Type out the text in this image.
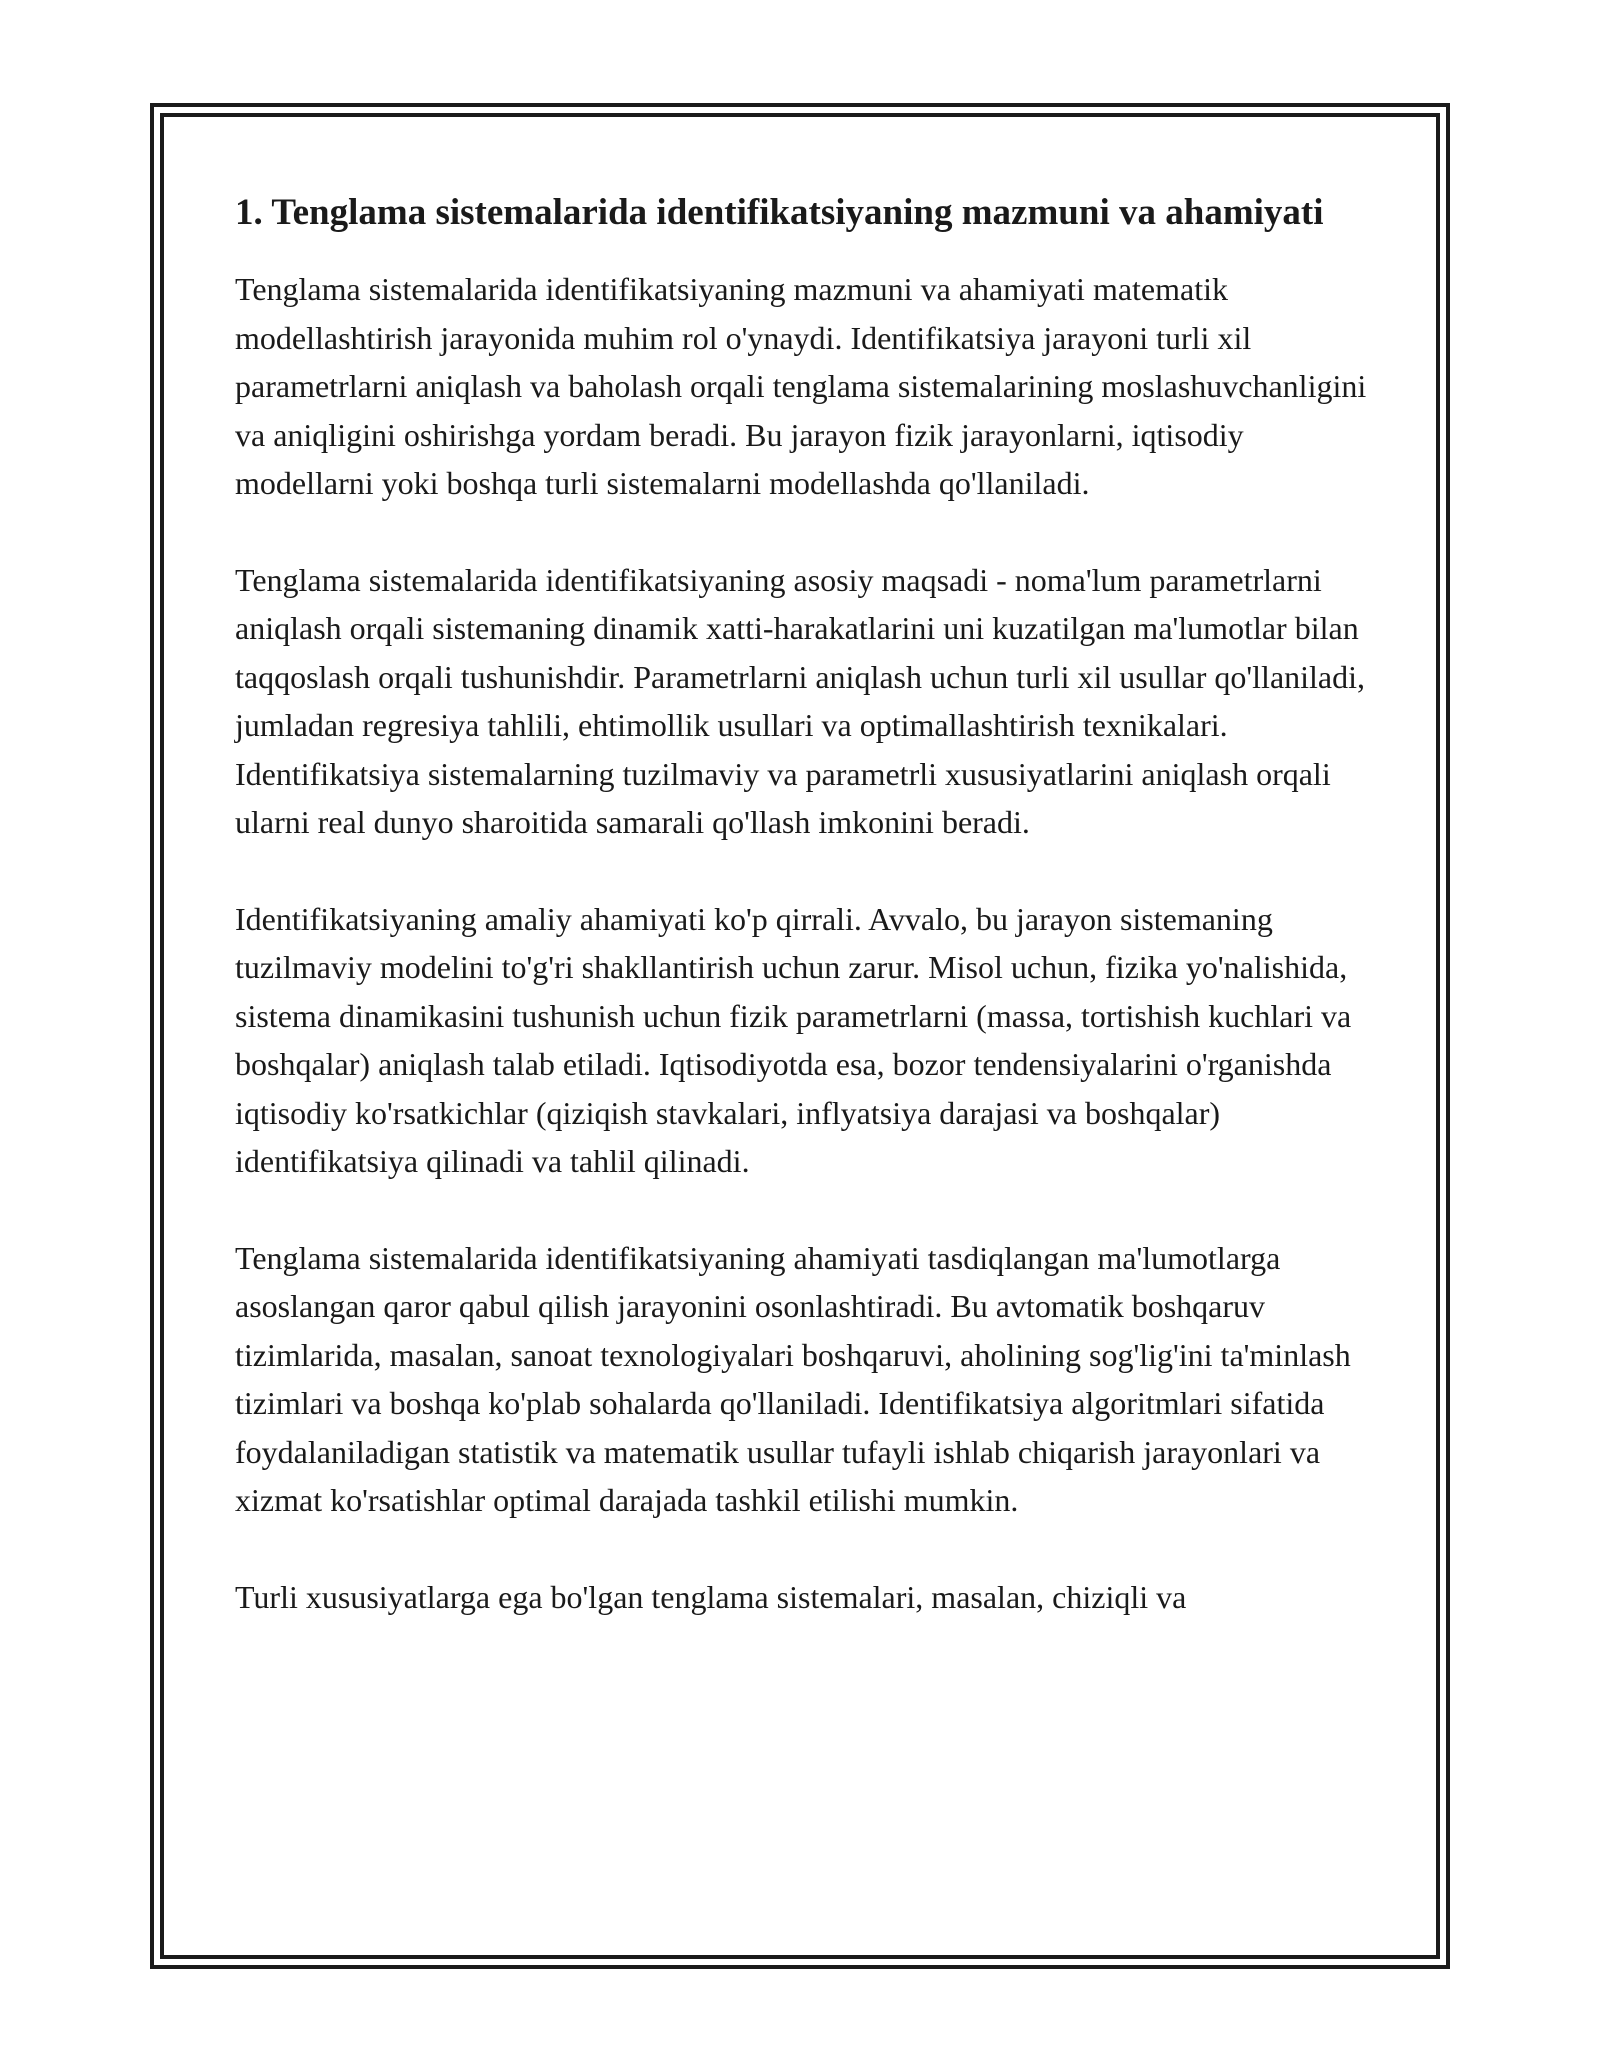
1. Tenglama sistemalarida identifikatsiyaning mazmuni va ahamiyati

Tenglama sistemalarida identifikatsiyaning mazmuni va ahamiyati matematik modellashtirish jarayonida muhim rol o'ynaydi. Identifikatsiya jarayoni turli xil parametrlarni aniqlash va baholash orqali tenglama sistemalarining moslashuvchanligini va aniqligini oshirishga yordam beradi. Bu jarayon fizik jarayonlarni, iqtisodiy modellarni yoki boshqa turli sistemalarni modellashda qo'llaniladi.

Tenglama sistemalarida identifikatsiyaning asosiy maqsadi - noma'lum parametrlarni aniqlash orqali sistemaning dinamik xatti-harakatlarini uni kuzatilgan ma'lumotlar bilan taqqoslash orqali tushunishdir. Parametrlarni aniqlash uchun turli xil usullar qo'llaniladi, jumladan regresiya tahlili, ehtimollik usullari va optimallashtirish texnikalari. Identifikatsiya sistemalarning tuzilmaviy va parametrli xususiyatlarini aniqlash orqali ularni real dunyo sharoitida samarali qo'llash imkonini beradi.

Identifikatsiyaning amaliy ahamiyati ko'p qirrali. Avvalo, bu jarayon sistemaning tuzilmaviy modelini to'g'ri shakllantirish uchun zarur. Misol uchun, fizika yo'nalishida, sistema dinamikasini tushunish uchun fizik parametrlarni (massa, tortishish kuchlari va boshqalar) aniqlash talab etiladi. Iqtisodiyotda esa, bozor tendensiyalarini o'rganishda iqtisodiy ko'rsatkichlar (qiziqish stavkalari, inflyatsiya darajasi va boshqalar) identifikatsiya qilinadi va tahlil qilinadi.

Tenglama sistemalarida identifikatsiyaning ahamiyati tasdiqlangan ma'lumotlarga asoslangan qaror qabul qilish jarayonini osonlashtiradi. Bu avtomatik boshqaruv tizimlarida, masalan, sanoat texnologiyalari boshqaruvi, aholining sog'lig'ini ta'minlash tizimlari va boshqa ko'plab sohalarda qo'llaniladi. Identifikatsiya algoritmlari sifatida foydalaniladigan statistik va matematik usullar tufayli ishlab chiqarish jarayonlari va xizmat ko'rsatishlar optimal darajada tashkil etilishi mumkin.

Turli xususiyatlarga ega bo'lgan tenglama sistemalari, masalan, chiziqli va
